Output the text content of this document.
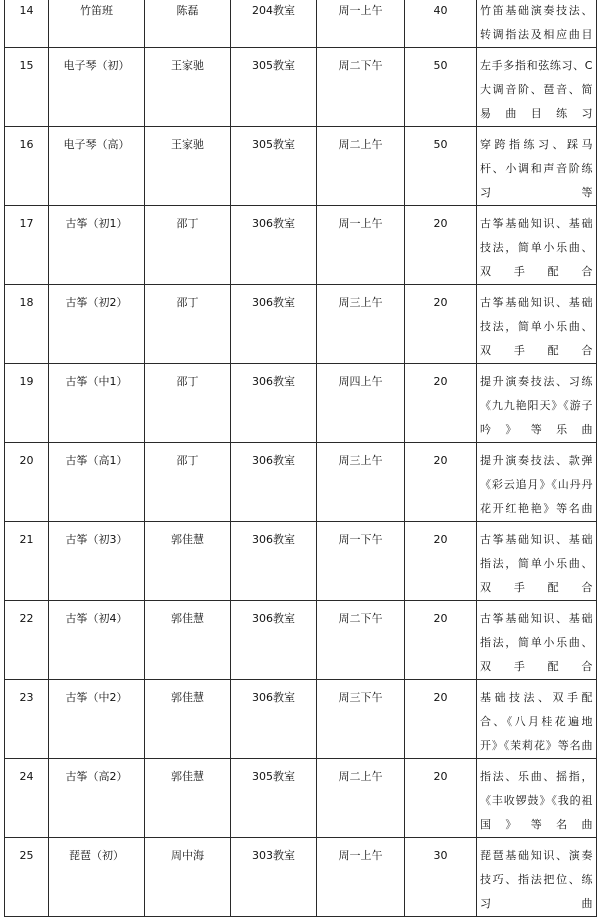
14	竹笛班	陈磊	204教室	周一上午	40	竹笛基础演奏技法、转调指法及相应曲目
15	电子琴（初）	王家驰	305教室	周二下午	50	左手多指和弦练习、C大调音阶、琶音、简易曲目练习
16	电子琴（高）	王家驰	305教室	周二上午	50	穿跨指练习、踩马杆、小调和声音阶练习等
17	古筝（初1）	邵丁	306教室	周一上午	20	古筝基础知识、基础技法，简单小乐曲、双手配合
18	古筝（初2）	邵丁	306教室	周三上午	20	古筝基础知识、基础技法，简单小乐曲、双手配合
19	古筝（中1）	邵丁	306教室	周四上午	20	提升演奏技法、习练《九九艳阳天》《游子吟》等乐曲
20	古筝（高1）	邵丁	306教室	周三上午	20	提升演奏技法、款弹《彩云追月》《山丹丹花开红艳艳》等名曲
21	古筝（初3）	郭佳慧	306教室	周一下午	20	古筝基础知识、基础指法，简单小乐曲、双手配合
22	古筝（初4）	郭佳慧	306教室	周二下午	20	古筝基础知识、基础指法，简单小乐曲、双手配合
23	古筝（中2）	郭佳慧	306教室	周三下午	20	基础技法、双手配合、《八月桂花遍地开》《茉莉花》等名曲
24	古筝（高2）	郭佳慧	305教室	周二上午	20	指法、乐曲、摇指，《丰收锣鼓》《我的祖国》等名曲
25	琵琶（初）	周中海	303教室	周一上午	30	琵琶基础知识、演奏技巧、指法把位、练习曲
